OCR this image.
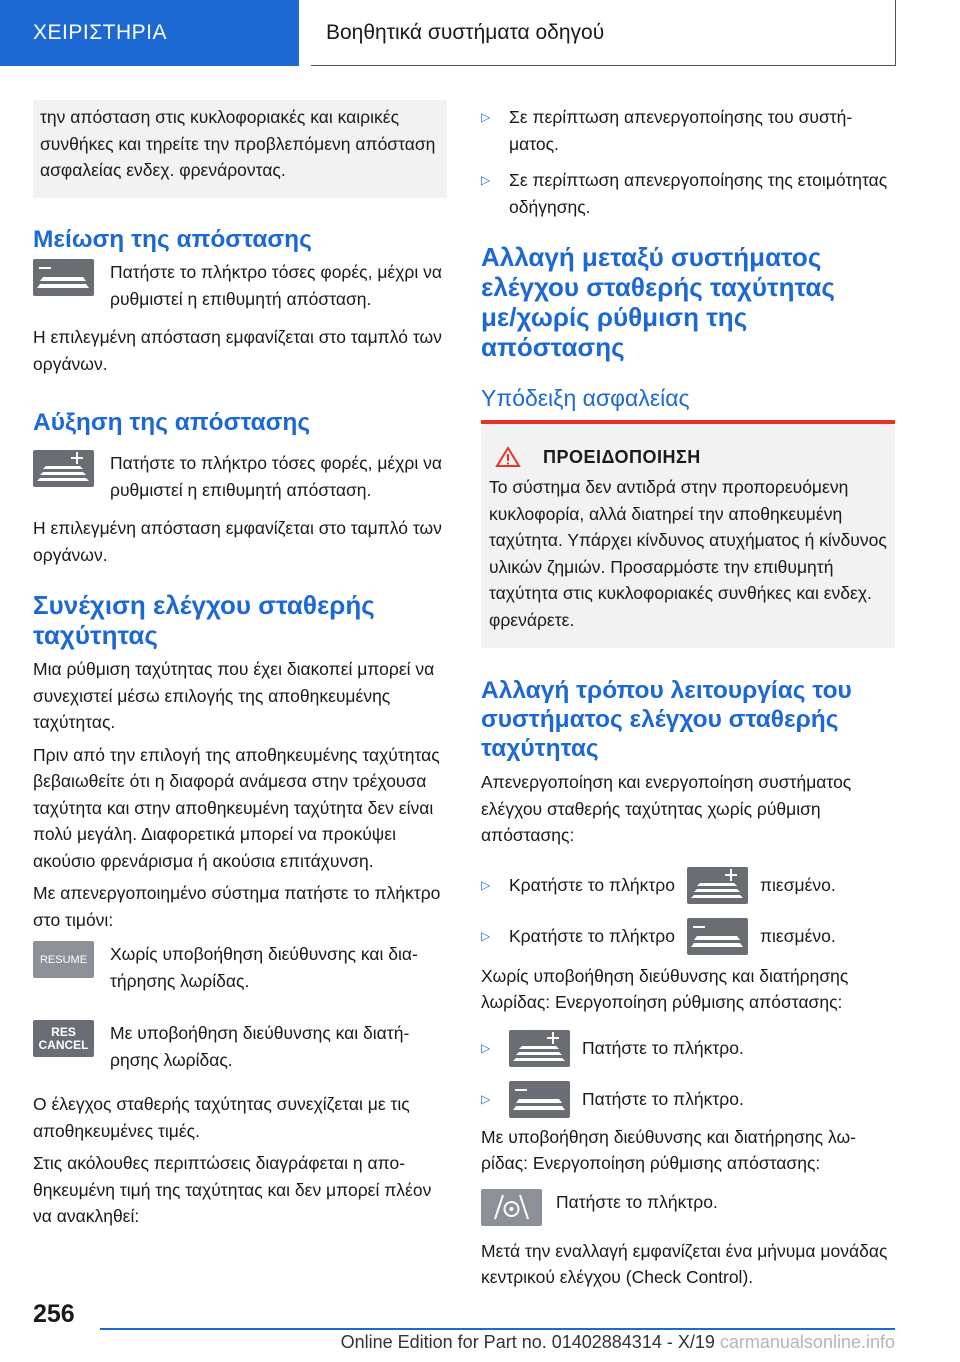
ΧΕΙΡΙΣΤΗΡΙΑ	Βοηθητικά συστήματα οδηγού

την απόσταση στις κυκλοφοριακές και καιρικές συνθήκες και τηρείτε την προβλεπόμενη απόσταση ασφαλείας ενδεχ. φρενάροντας.

Μείωση της απόστασης

Πατήστε το πλήκτρο τόσες φορές, μέχρι να ρυθμιστεί η επιθυμητή απόσταση.

Η επιλεγμένη απόσταση εμφανίζεται στο ταμπλό των οργάνων.

Αύξηση της απόστασης

Πατήστε το πλήκτρο τόσες φορές, μέχρι να ρυθμιστεί η επιθυμητή απόσταση.

Η επιλεγμένη απόσταση εμφανίζεται στο ταμπλό των οργάνων.

Συνέχιση ελέγχου σταθερής ταχύτητας

Μια ρύθμιση ταχύτητας που έχει διακοπεί μπορεί να συνεχιστεί μέσω επιλογής της αποθηκευμένης ταχύτητας.

Πριν από την επιλογή της αποθηκευμένης ταχύτητας βεβαιωθείτε ότι η διαφορά ανάμεσα στην τρέχουσα ταχύτητα και στην αποθηκευμένη ταχύτητα δεν είναι πολύ μεγάλη. Διαφορετικά μπορεί να προκύψει ακούσιο φρενάρισμα ή ακούσια επιτάχυνση.

Με απενεργοποιημένο σύστημα πατήστε το πλήκτρο στο τιμόνι:

RESUME Χωρίς υποβοήθηση διεύθυνσης και διατήρησης λωρίδας.

RES
CANCEL

Με υποβοήθηση διεύθυνσης και διατήρησης λωρίδας.

Ο έλεγχος σταθερής ταχύτητας συνεχίζεται με τις αποθηκευμένες τιμές.

Στις ακόλουθες περιπτώσεις διαγράφεται η αποθηκευμένη τιμή της ταχύτητας και δεν μπορεί πλέον να ανακληθεί:

▷	Σε περίπτωση απενεργοποίησης του συστήματος.

▷	Σε περίπτωση απενεργοποίησης της ετοιμότητας οδήγησης.

Αλλαγή μεταξύ συστήματος ελέγχου σταθερής ταχύτητας με/χωρίς ρύθμιση της απόστασης
Υπόδειξη ασφαλείας
ΠΡΟΕΙΔΟΠΟΙΗΣΗ

Το σύστημα δεν αντιδρά στην προπορευόμενη κυκλοφορία, αλλά διατηρεί την αποθηκευμένη ταχύτητα. Υπάρχει κίνδυνος ατυχήματος ή κίνδυνος υλικών ζημιών. Προσαρμόστε την επιθυμητή ταχύτητα στις κυκλοφοριακές συνθήκες και ενδεχ. φρενάρετε.

Αλλαγή τρόπου λειτουργίας του συστήματος ελέγχου σταθερής ταχύτητας

Απενεργοποίηση και ενεργοποίηση συστήματος ελέγχου σταθερής ταχύτητας χωρίς ρύθμιση απόστασης:

▷	Κρατήστε το πλήκτρο	πιεσμένο.

▷	Κρατήστε το πλήκτρο	πιεσμένο.

Χωρίς υποβοήθηση διεύθυνσης και διατήρησης λωρίδας: Ενεργοποίηση ρύθμισης απόστασης:

▷	Πατήστε το πλήκτρο.

▷	Πατήστε το πλήκτρο.

Με υποβοήθηση διεύθυνσης και διατήρησης λωρίδας: Ενεργοποίηση ρύθμισης απόστασης:

Πατήστε το πλήκτρο.

Μετά την εναλλαγή εμφανίζεται ένα μήνυμα μονάδας κεντρικού ελέγχου (Check Control).

256
Online Edition for Part no. 01402884314 - X/19 carmanualsonline.info
